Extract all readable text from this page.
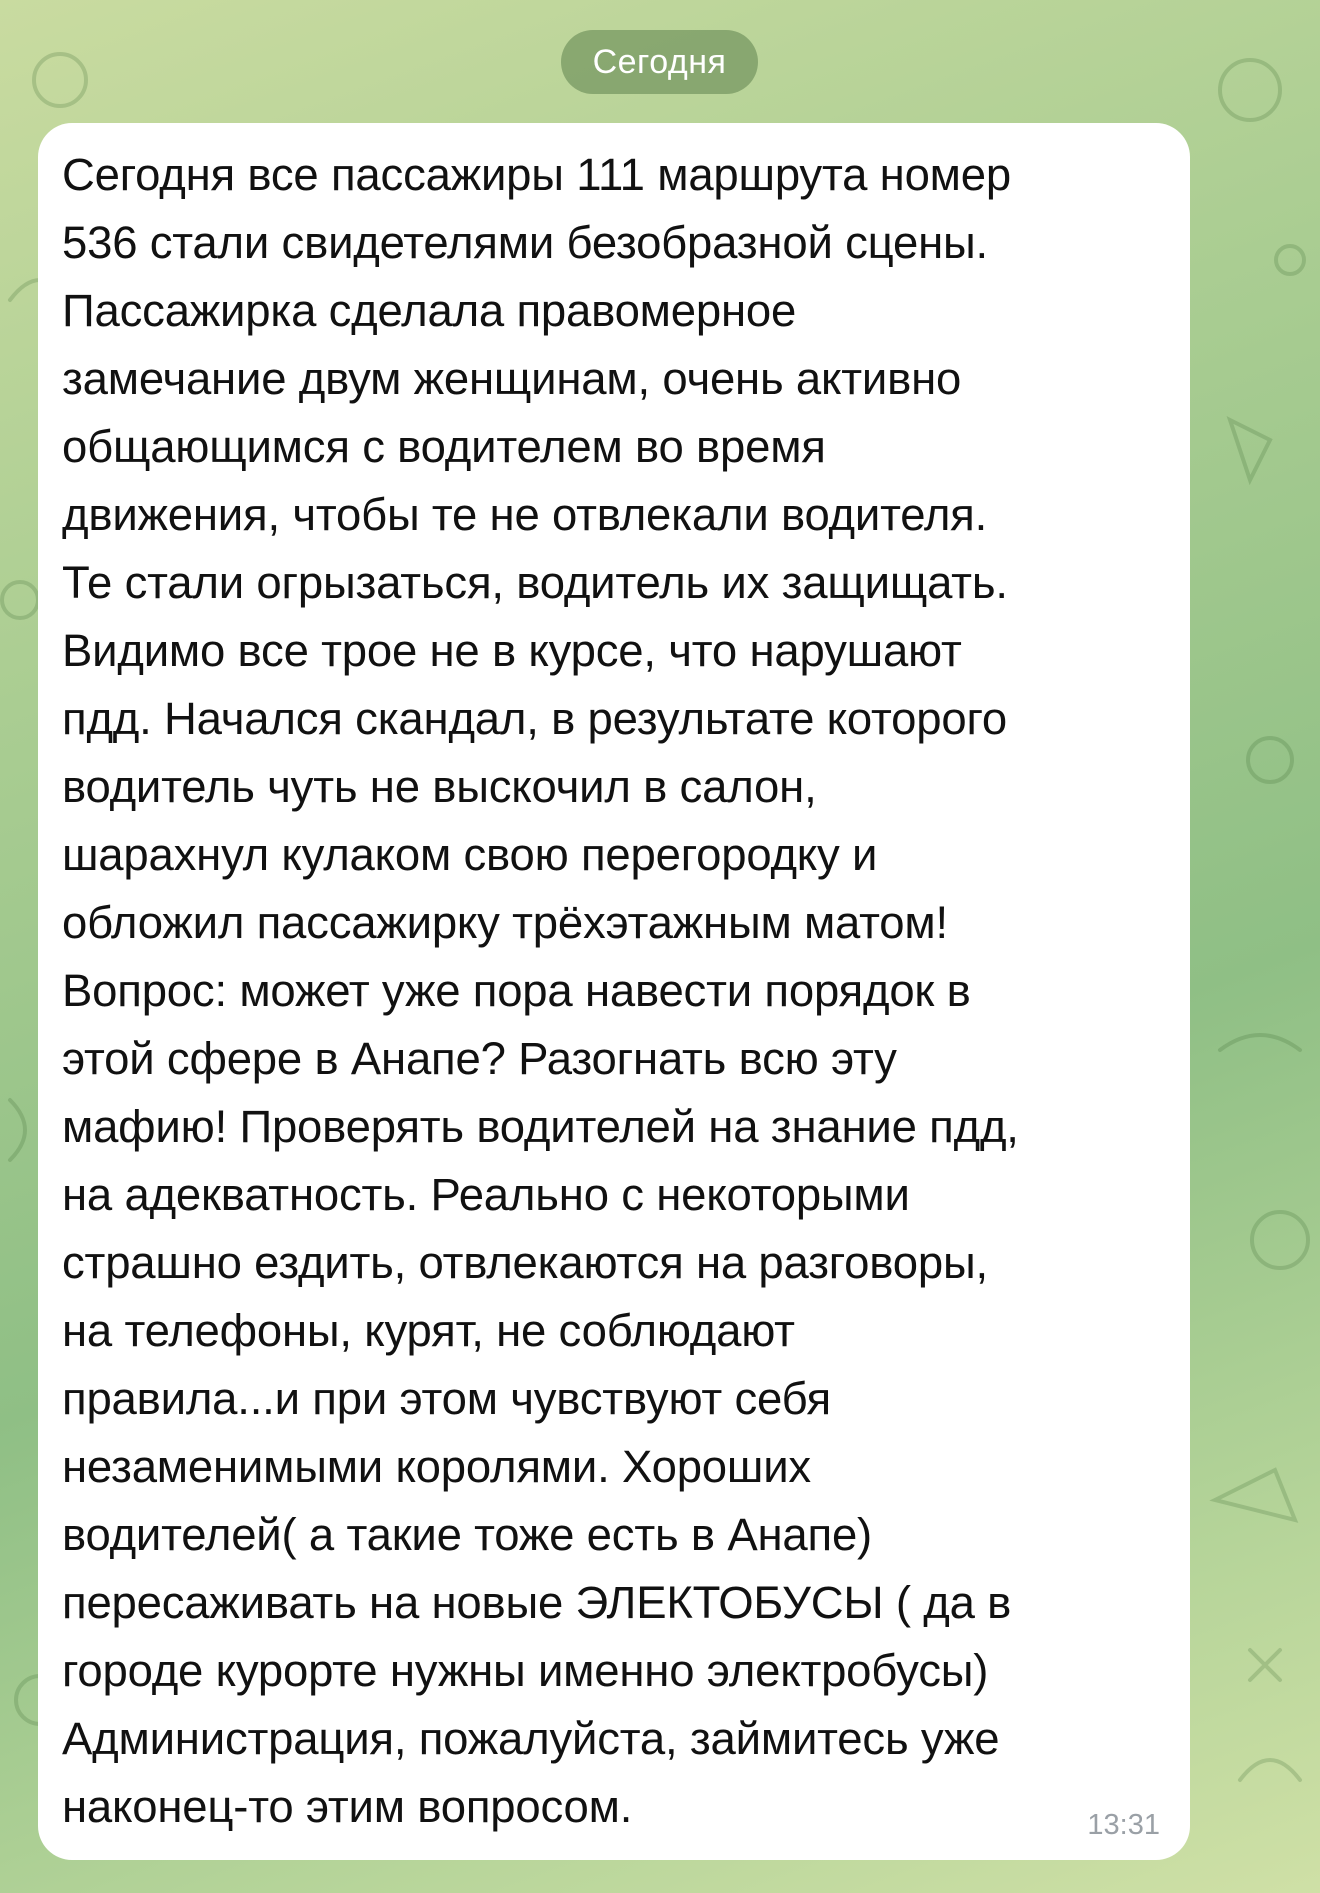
Сегодня

Сегодня все пассажиры 111 маршрута номер
536 стали свидетелями безобразной сцены.
Пассажирка сделала правомерное
замечание двум женщинам, очень активно
общающимся с водителем во время
движения, чтобы те не отвлекали водителя.
Те стали огрызаться, водитель их защищать.
Видимо все трое не в курсе, что нарушают
пдд. Начался скандал, в результате которого
водитель чуть не выскочил в салон,
шарахнул кулаком свою перегородку и
обложил пассажирку трёхэтажным матом!
Вопрос: может уже пора навести порядок в
этой сфере в Анапе? Разогнать всю эту
мафию! Проверять водителей на знание пдд,
на адекватность. Реально с некоторыми
страшно ездить, отвлекаются на разговоры,
на телефоны, курят, не соблюдают
правила...и при этом чувствуют себя
незаменимыми королями. Хороших
водителей( а такие тоже есть в Анапе)
пересаживать на новые ЭЛЕКТОБУСЫ ( да в
городе курорте нужны именно электробусы)
Администрация, пожалуйста, займитесь уже
наконец-то этим вопросом.	13:31
